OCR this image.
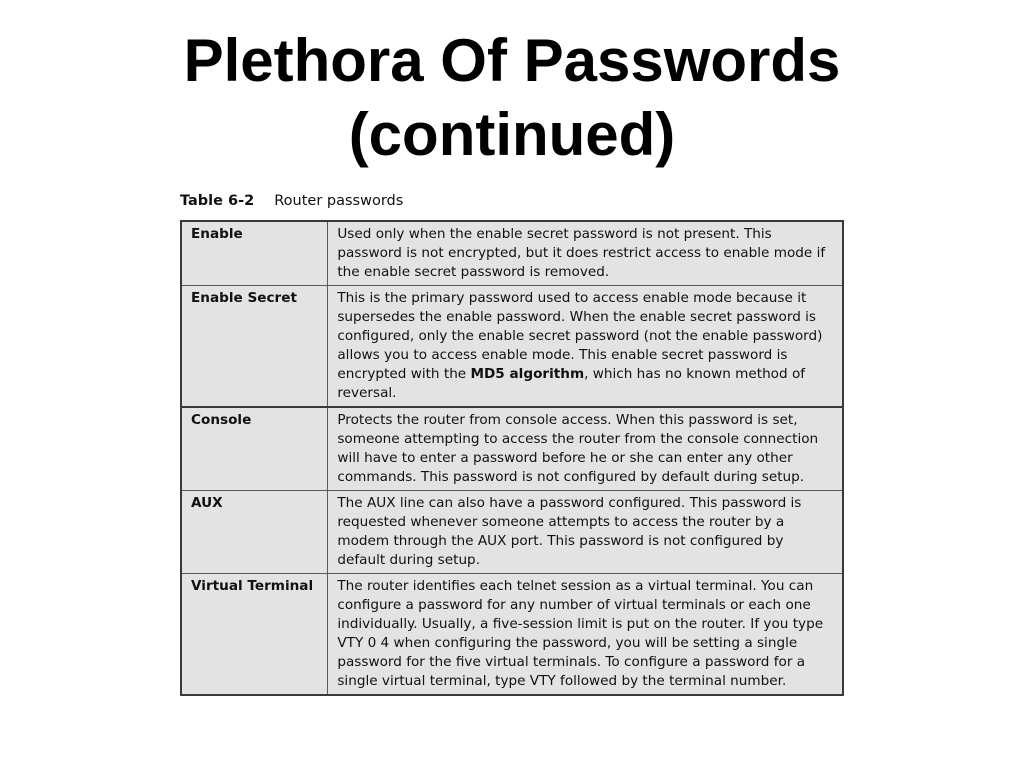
Plethora Of Passwords
(continued)
Table 6-2 Router passwords
Enable	Used only when the enable secret password is not present. This password is not encrypted, but it does restrict access to enable mode if the enable secret password is removed.
Enable Secret	This is the primary password used to access enable mode because it supersedes the enable password. When the enable secret password is configured, only the enable secret password (not the enable password) allows you to access enable mode. This enable secret password is encrypted with the MD5 algorithm, which has no known method of reversal.
Console	Protects the router from console access. When this password is set, someone attempting to access the router from the console connection will have to enter a password before he or she can enter any other commands. This password is not configured by default during setup.
AUX	The AUX line can also have a password configured. This password is requested whenever someone attempts to access the router by a modem through the AUX port. This password is not configured by default during setup.
Virtual Terminal	The router identifies each telnet session as a virtual terminal. You can configure a password for any number of virtual terminals or each one individually. Usually, a five-session limit is put on the router. If you type VTY 0 4 when configuring the password, you will be setting a single password for the five virtual terminals. To configure a password for a single virtual terminal, type VTY followed by the terminal number.
